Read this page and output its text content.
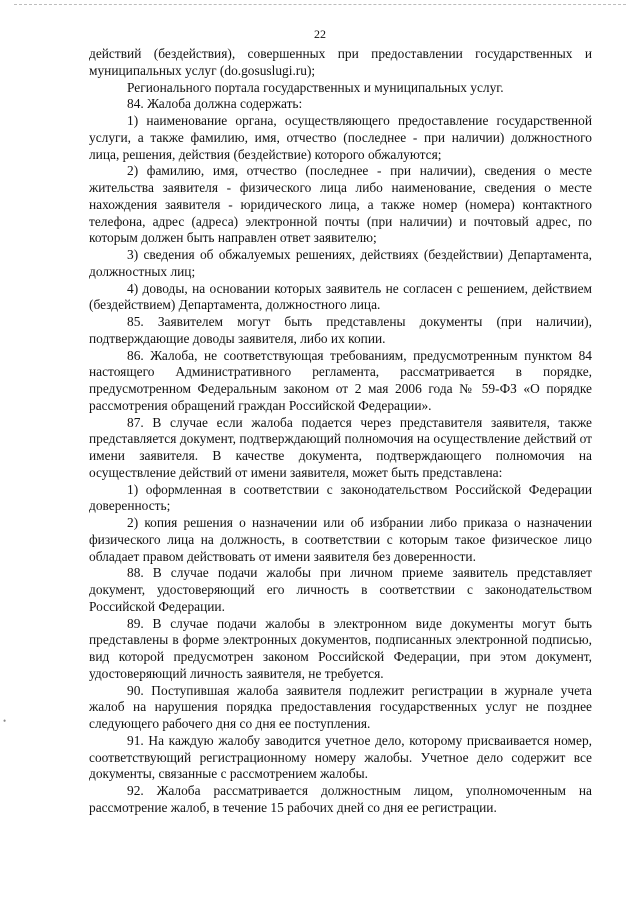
22
•

действий (бездействия), совершенных при предоставлении государственных и муниципальных услуг (do.gosuslugi.ru);

Регионального портала государственных и муниципальных услуг.

84. Жалоба должна содержать:

1) наименование органа, осуществляющего предоставление государственной услуги, а также фамилию, имя, отчество (последнее - при наличии) должностного лица, решения, действия (бездействие) которого обжалуются;

2) фамилию, имя, отчество (последнее - при наличии), сведения о месте жительства заявителя - физического лица либо наименование, сведения о месте нахождения заявителя - юридического лица, а также номер (номера) контактного телефона, адрес (адреса) электронной почты (при наличии) и почтовый адрес, по которым должен быть направлен ответ заявителю;

3) сведения об обжалуемых решениях, действиях (бездействии) Департамента, должностных лиц;

4) доводы, на основании которых заявитель не согласен с решением, действием (бездействием) Департамента, должностного лица.

85. Заявителем могут быть представлены документы (при наличии), подтверждающие доводы заявителя, либо их копии.

86. Жалоба, не соответствующая требованиям, предусмотренным пунктом 84 настоящего Административного регламента, рассматривается в порядке, предусмотренном Федеральным законом от 2 мая 2006 года № 59-ФЗ «О порядке рассмотрения обращений граждан Российской Федерации».

87. В случае если жалоба подается через представителя заявителя, также представляется документ, подтверждающий полномочия на осуществление действий от имени заявителя. В качестве документа, подтверждающего полномочия на осуществление действий от имени заявителя, может быть представлена:

1) оформленная в соответствии с законодательством Российской Федерации доверенность;

2) копия решения о назначении или об избрании либо приказа о назначении физического лица на должность, в соответствии с которым такое физическое лицо обладает правом действовать от имени заявителя без доверенности.

88. В случае подачи жалобы при личном приеме заявитель представляет документ, удостоверяющий его личность в соответствии с законодательством Российской Федерации.

89. В случае подачи жалобы в электронном виде документы могут быть представлены в форме электронных документов, подписанных электронной подписью, вид которой предусмотрен законом Российской Федерации, при этом документ, удостоверяющий личность заявителя, не требуется.

90. Поступившая жалоба заявителя подлежит регистрации в журнале учета жалоб на нарушения порядка предоставления государственных услуг не позднее следующего рабочего дня со дня ее поступления.

91. На каждую жалобу заводится учетное дело, которому присваивается номер, соответствующий регистрационному номеру жалобы. Учетное дело содержит все документы, связанные с рассмотрением жалобы.

92. Жалоба рассматривается должностным лицом, уполномоченным на рассмотрение жалоб, в течение 15 рабочих дней со дня ее регистрации.
